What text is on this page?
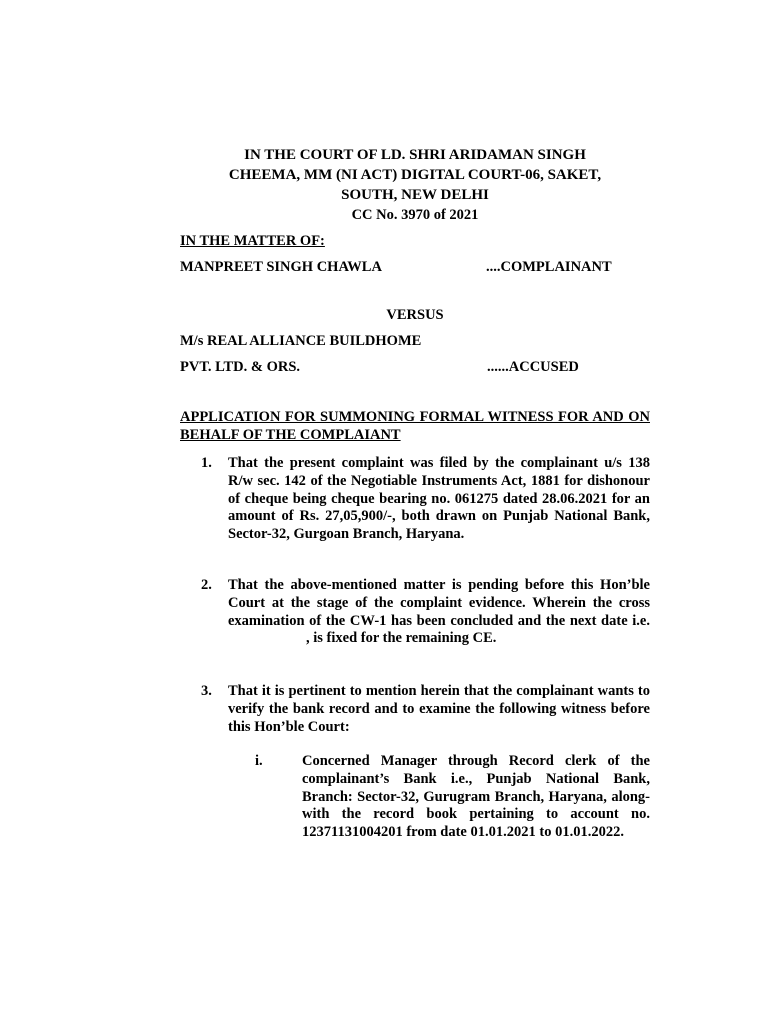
IN THE COURT OF LD. SHRI ARIDAMAN SINGH
CHEEMA, MM (NI ACT) DIGITAL COURT-06, SAKET,
SOUTH, NEW DELHI
CC No. 3970 of 2021
IN THE MATTER OF:
MANPREET SINGH CHAWLA	....COMPLAINANT
VERSUS
M/s REAL ALLIANCE BUILDHOME
PVT. LTD. & ORS.	......ACCUSED
APPLICATION FOR SUMMONING FORMAL WITNESS FOR AND ON BEHALF OF THE COMPLAIANT
1.	That the present complaint was filed by the complainant u/s 138 R/w sec. 142 of the Negotiable Instruments Act, 1881 for dishonour of cheque being cheque bearing no. 061275 dated 28.06.2021 for an amount of Rs. 27,05,900/-, both drawn on Punjab National Bank, Sector-32, Gurgoan Branch, Haryana.
2.	That the above-mentioned matter is pending before this Hon’ble Court at the stage of the complaint evidence. Wherein the cross examination of the CW-1 has been concluded and the next date i.e., is fixed for the remaining CE.
3.	That it is pertinent to mention herein that the complainant wants to verify the bank record and to examine the following witness before this Hon’ble Court:
i.	Concerned Manager through Record clerk of the complainant’s Bank i.e., Punjab National Bank, Branch: Sector-32, Gurugram Branch, Haryana, along-with the record book pertaining to account no. 12371131004201 from date 01.01.2021 to 01.01.2022.
